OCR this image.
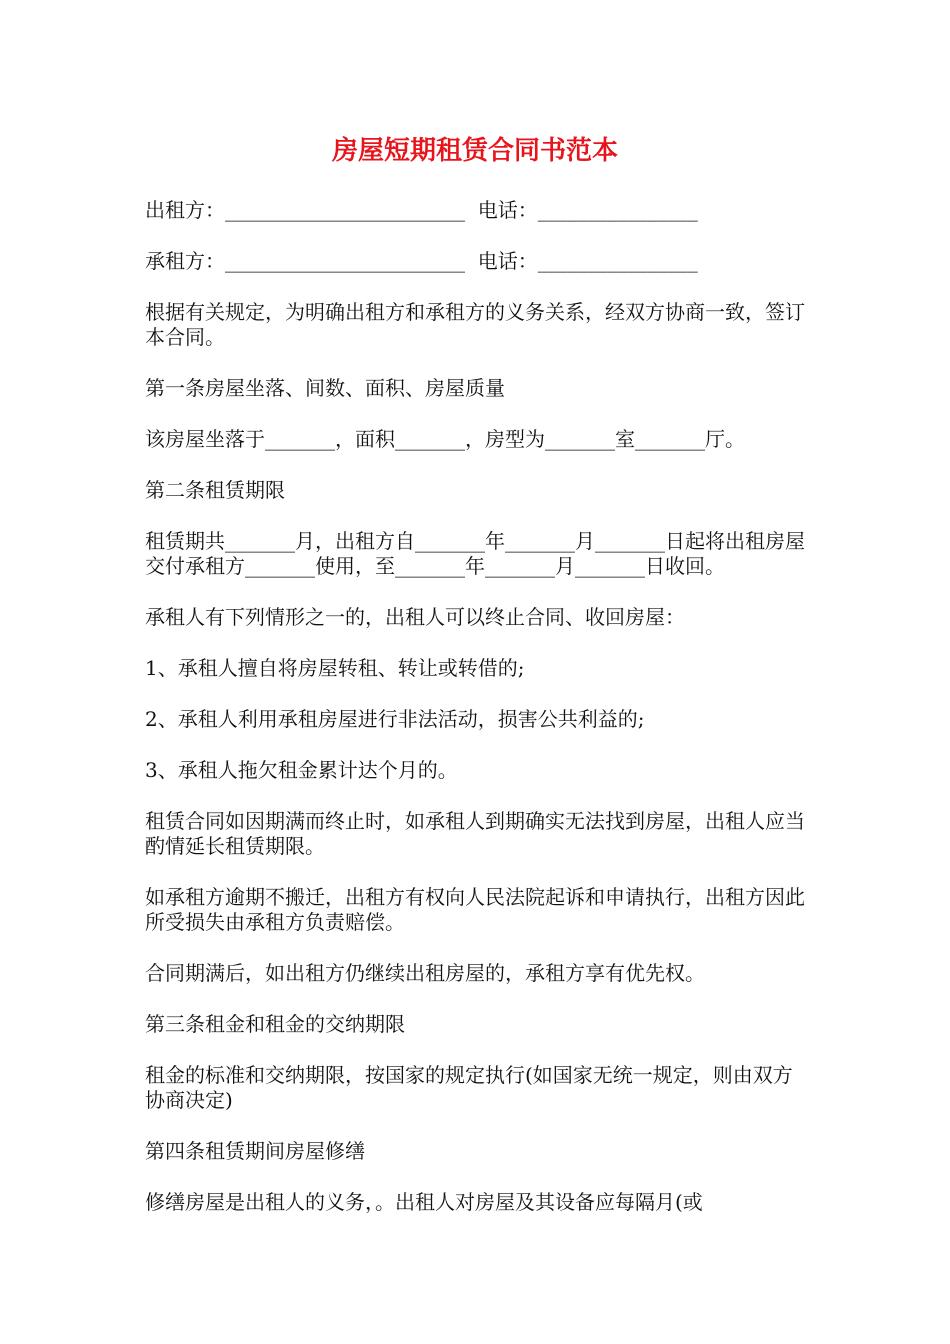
房屋短期租赁合同书范本
出租方：________________________  电话：________________
承租方：________________________  电话：________________

根据有关规定，为明确出租方和承租方的义务关系，经双方协商一致，签订本合同。

第一条房屋坐落、间数、面积、房屋质量

该房屋坐落于_______，面积_______，房型为_______室_______厅。

第二条租赁期限

租赁期共_______月，出租方自_______年_______月_______日起将出租房屋交付承租方_______使用，至_______年_______月_______日收回。

承租人有下列情形之一的，出租人可以终止合同、收回房屋：

1、承租人擅自将房屋转租、转让或转借的;

2、承租人利用承租房屋进行非法活动，损害公共利益的;

3、承租人拖欠租金累计达个月的。

租赁合同如因期满而终止时，如承租人到期确实无法找到房屋，出租人应当酌情延长租赁期限。

如承租方逾期不搬迁，出租方有权向人民法院起诉和申请执行，出租方因此所受损失由承租方负责赔偿。

合同期满后，如出租方仍继续出租房屋的，承租方享有优先权。

第三条租金和租金的交纳期限

租金的标准和交纳期限，按国家的规定执行(如国家无统一规定，则由双方协商决定)

第四条租赁期间房屋修缮

修缮房屋是出租人的义务，。出租人对房屋及其设备应每隔月(或
